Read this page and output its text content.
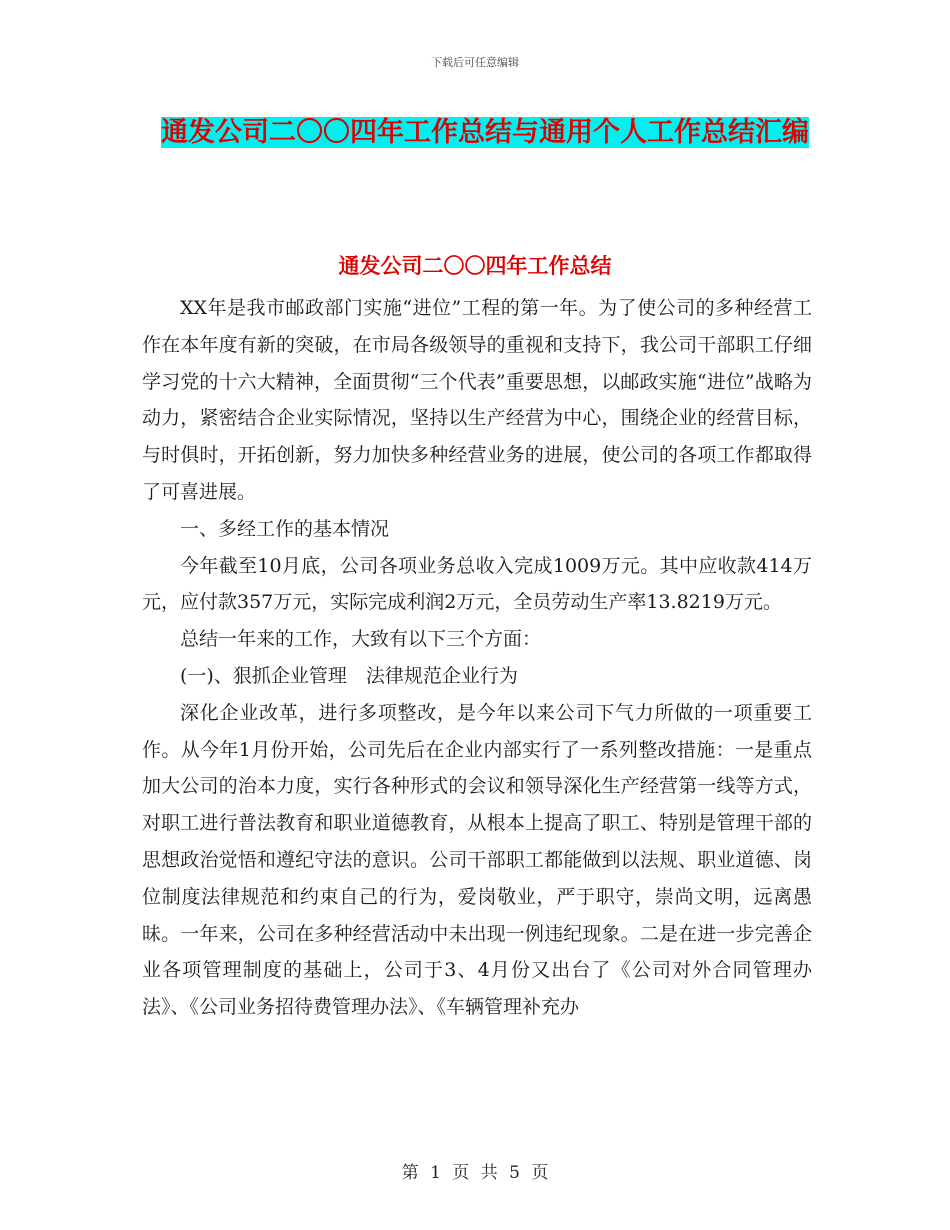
下载后可任意编辑
通发公司二〇〇四年工作总结与通用个人工作总结汇编
通发公司二〇〇四年工作总结

XX年是我市邮政部门实施“进位”工程的第一年。为了使公司的多种经营工作在本年度有新的突破，在市局各级领导的重视和支持下，我公司干部职工仔细学习党的十六大精神，全面贯彻“三个代表”重要思想，以邮政实施“进位”战略为动力，紧密结合企业实际情况，坚持以生产经营为中心，围绕企业的经营目标，与时俱时，开拓创新，努力加快多种经营业务的进展，使公司的各项工作都取得了可喜进展。

一、多经工作的基本情况

今年截至10月底，公司各项业务总收入完成1009万元。其中应收款414万元，应付款357万元，实际完成利润2万元，全员劳动生产率13.8219万元。

总结一年来的工作，大致有以下三个方面：

(一)、狠抓企业管理　法律规范企业行为

深化企业改革，进行多项整改，是今年以来公司下气力所做的一项重要工作。从今年1月份开始，公司先后在企业内部实行了一系列整改措施：一是重点加大公司的治本力度，实行各种形式的会议和领导深化生产经营第一线等方式，对职工进行普法教育和职业道德教育，从根本上提高了职工、特别是管理干部的思想政治觉悟和遵纪守法的意识。公司干部职工都能做到以法规、职业道德、岗位制度法律规范和约束自己的行为，爱岗敬业，严于职守，崇尚文明，远离愚昧。一年来，公司在多种经营活动中未出现一例违纪现象。二是在进一步完善企业各项管理制度的基础上，公司于3、4月份又出台了《公司对外合同管理办法》、《公司业务招待费管理办法》、《车辆管理补充办

第 1 页 共 5 页
